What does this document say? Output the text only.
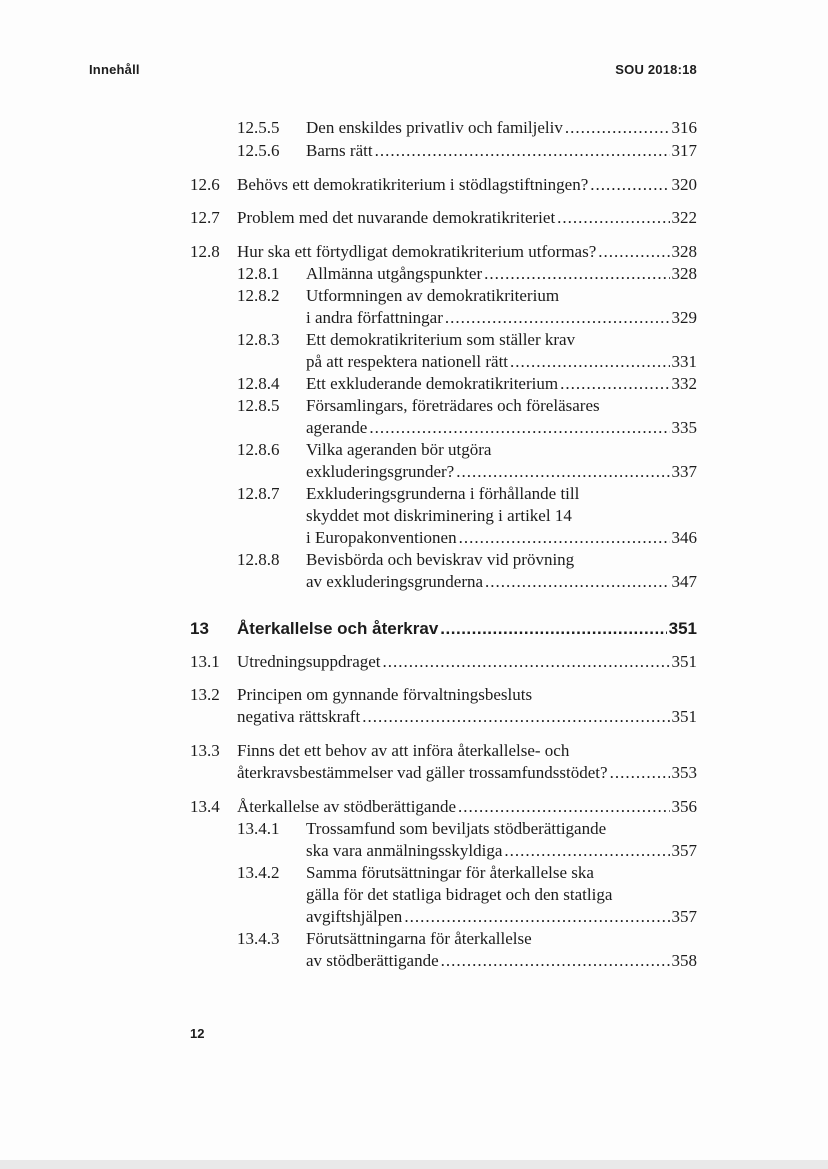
Innehåll	SOU 2018:18
12.5.5 Den enskildes privatliv och familjeliv .....	316
12.5.6 Barns rätt .....	317
12.6 Behövs ett demokratikriterium i stödlagstiftningen? .....	320
12.7 Problem med det nuvarande demokratikriteriet .....	322
12.8 Hur ska ett förtydligat demokratikriterium utformas? .....	328
12.8.1 Allmänna utgångspunkter .....	328
12.8.2 Utformningen av demokratikriterium
i andra författningar .....	329
12.8.3 Ett demokratikriterium som ställer krav
på att respektera nationell rätt .....	331
12.8.4 Ett exkluderande demokratikriterium .....	332
12.8.5 Församlingars, företrädares och föreläsares
agerande .....	335
12.8.6 Vilka ageranden bör utgöra
exkluderingsgrunder? .....	337
12.8.7 Exkluderingsgrunderna i förhållande till
skyddet mot diskriminering i artikel 14
i Europakonventionen .....	346
12.8.8 Bevisbörda och beviskrav vid prövning
av exkluderingsgrunderna .....	347
13 Återkallelse och återkrav .....	351
13.1 Utredningsuppdraget .....	351
13.2 Principen om gynnande förvaltningsbesluts
negativa rättskraft .....	351
13.3 Finns det ett behov av att införa återkallelse- och
återkravsbestämmelser vad gäller trossamfundsstödet? .....	353
13.4 Återkallelse av stödberättigande .....	356
13.4.1 Trossamfund som beviljats stödberättigande
ska vara anmälningsskyldiga .....	357
13.4.2 Samma förutsättningar för återkallelse ska
gälla för det statliga bidraget och den statliga
avgiftshjälpen .....	357
13.4.3 Förutsättningarna för återkallelse
av stödberättigande .....	358
12
